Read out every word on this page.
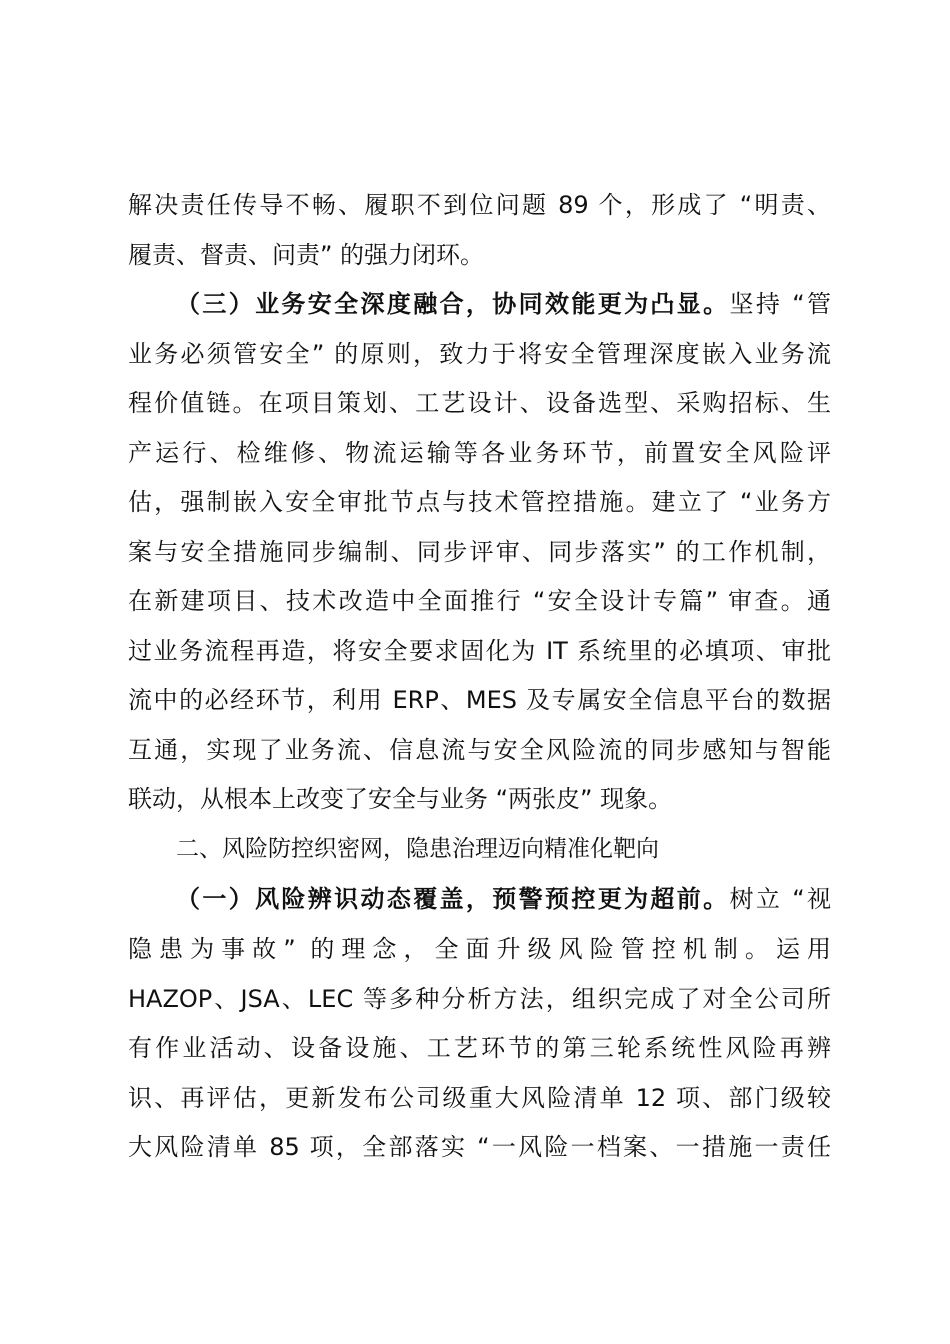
解决责任传导不畅、履职不到位问题 89 个，形成了 “明责、
履责、督责、问责” 的强力闭环。
（三）业务安全深度融合，协同效能更为凸显。坚持 “管
业务必须管安全” 的原则，致力于将安全管理深度嵌入业务流
程价值链。在项目策划、工艺设计、设备选型、采购招标、生
产运行、检维修、物流运输等各业务环节，前置安全风险评
估，强制嵌入安全审批节点与技术管控措施。建立了 “业务方
案与安全措施同步编制、同步评审、同步落实” 的工作机制，
在新建项目、技术改造中全面推行 “安全设计专篇” 审查。通
过业务流程再造，将安全要求固化为 IT 系统里的必填项、审批
流中的必经环节，利用 ERP、MES 及专属安全信息平台的数据
互通，实现了业务流、信息流与安全风险流的同步感知与智能
联动，从根本上改变了安全与业务 “两张皮” 现象。
二、风险防控织密网，隐患治理迈向精准化靶向
（一）风险辨识动态覆盖，预警预控更为超前。树立 “视
隐患为事故” 的理念，全面升级风险管控机制。运用
HAZOP、JSA、LEC 等多种分析方法，组织完成了对全公司所
有作业活动、设备设施、工艺环节的第三轮系统性风险再辨
识、再评估，更新发布公司级重大风险清单 12 项、部门级较
大风险清单 85 项，全部落实 “一风险一档案、一措施一责任
